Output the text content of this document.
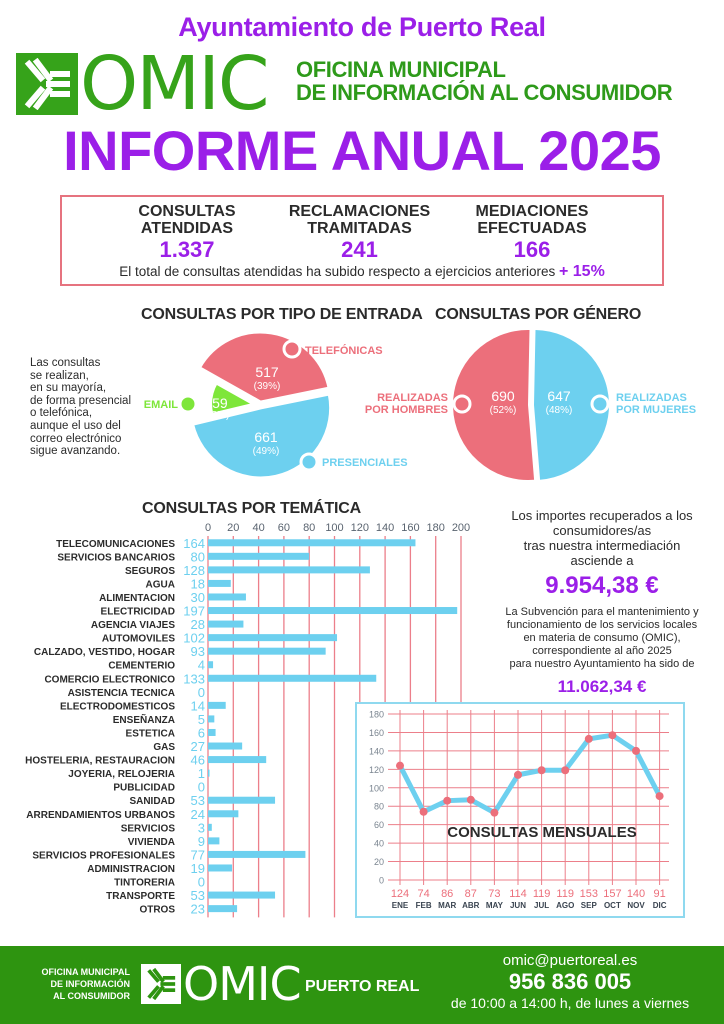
Ayuntamiento de Puerto Real
OMIC OFICINA MUNICIPAL
DE INFORMACIÓN AL CONSUMIDOR
INFORME ANUAL 2025
CONSULTAS
ATENDIDAS
1.337
RECLAMACIONES
TRAMITADAS
241
MEDIACIONES
EFECTUADAS
166
El total de consultas atendidas ha subido respecto a ejercicios anteriores + 15%
CONSULTAS POR TIPO DE ENTRADA CONSULTAS POR GÉNERO
Las consultas
se realizan,
en su mayoría,
de forma presencial
o telefónica,
aunque el uso del
correo electrónico
sigue avanzando.
TELEFÓNICAS
517
(39%)
PRESENCIALES
661
(49%)
EMAIL 159
(12%)
REALIZADAS
POR HOMBRES
690
(52%)
REALIZADAS
POR MUJERES
647
(48%)
CONSULTAS POR TEMÁTICA
0 20 40 60 80 100 120 140 160 180 200
TELECOMUNICACIONES 164
SERVICIOS BANCARIOS 80
SEGUROS 128
AGUA 18
ALIMENTACION 30
ELECTRICIDAD 197
AGENCIA VIAJES 28
AUTOMOVILES 102
CALZADO, VESTIDO, HOGAR 93
CEMENTERIO 4
COMERCIO ELECTRONICO 133
ASISTENCIA TECNICA 0
ELECTRODOMESTICOS 14
ENSEÑANZA 5
ESTETICA 6
GAS 27
HOSTELERIA, RESTAURACION 46
JOYERIA, RELOJERIA 1
PUBLICIDAD 0
SANIDAD 53
ARRENDAMIENTOS URBANOS 24
SERVICIOS 3
VIVIENDA 9
SERVICIOS PROFESIONALES 77
ADMINISTRACION 19
TINTORERIA 0
TRANSPORTE 53
OTROS 23
Los importes recuperados a los
consumidores/as
tras nuestra intermediación
asciende a
9.954,38 €
La Subvención para el mantenimiento y
funcionamiento de los servicios locales
en materia de consumo (OMIC),
correspondiente al año 2025
para nuestro Ayuntamiento ha sido de
11.062,34 €
0
20
40
60
80
100
120
140
160
180
124
ENE
74
FEB
86
MAR
87
ABR
73
MAY
114
JUN
119
JUL
119
AGO
153
SEP
157
OCT
140
NOV
91
DIC
CONSULTAS MENSUALES
OFICINA MUNICIPAL
DE INFORMACIÓN
AL CONSUMIDOR OMIC PUERTO REAL
omic@puertoreal.es
956 836 005
de 10:00 a 14:00 h, de lunes a viernes
